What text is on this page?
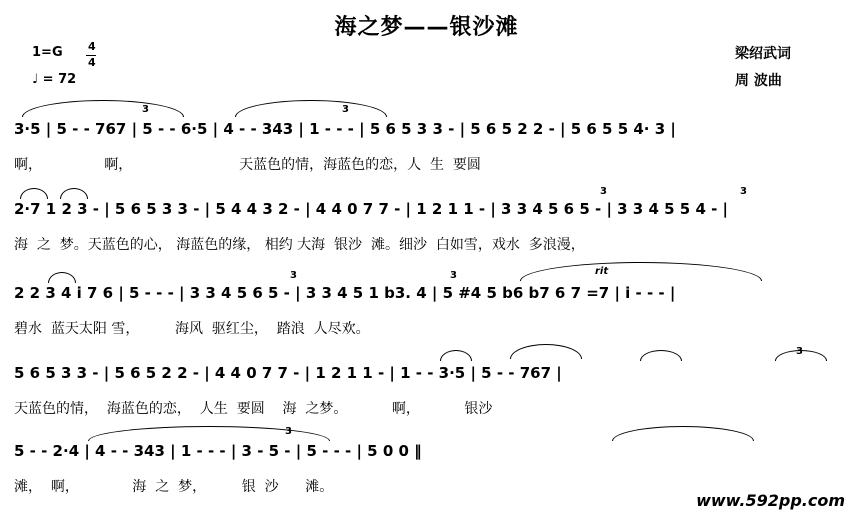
海之梦——银沙滩
1=G 4
4
♩ = 72
梁绍武词
周 波曲
3	3
3·5 | 5 - - 767 | 5 - - 6·5 | 4 - - 343 | 1 - - - | 5 6 5 3 3 - | 5 6 5 2 2 - | 5 6 5 5 4· 3 |
啊，              啊，                        天蓝色的情，海蓝色的恋，人  生  要圆
3	3
2·7 1 2 3 - | 5 6 5 3 3 - | 5 4 4 3 2 - | 4 4 0 7 7 - | 1 2 1 1 - | 3 3 4 5 6 5 - | 3 3 4 5 5 4 - |
海  之  梦。天蓝色的心， 海蓝色的缘， 相约 大海  银沙  滩。细沙  白如雪，戏水  多浪漫，
3	3	rit
2 2 3 4 i 7 6 | 5 - - - | 3 3 4 5 6 5 - | 3 3 4 5 1 b3. 4 | 5 #4 5 b6 b7 6 7 =7 | i - - - |
碧水  蓝天太阳 雪，        海风  驱红尘，  踏浪  人尽欢。
3
5 6 5 3 3 - | 5 6 5 2 2 - | 4 4 0 7 7 - | 1 2 1 1 - | 1 - - 3·5 | 5 - - 767 |
天蓝色的情，  海蓝色的恋，  人生  要圆    海  之梦。          啊，          银沙
3
5 - - 2·4 | 4 - - 343 | 1 - - - | 3 - 5 - | 5 - - - | 5 0 0 ‖
滩，  啊，            海  之  梦，        银  沙      滩。
www.592pp.com
